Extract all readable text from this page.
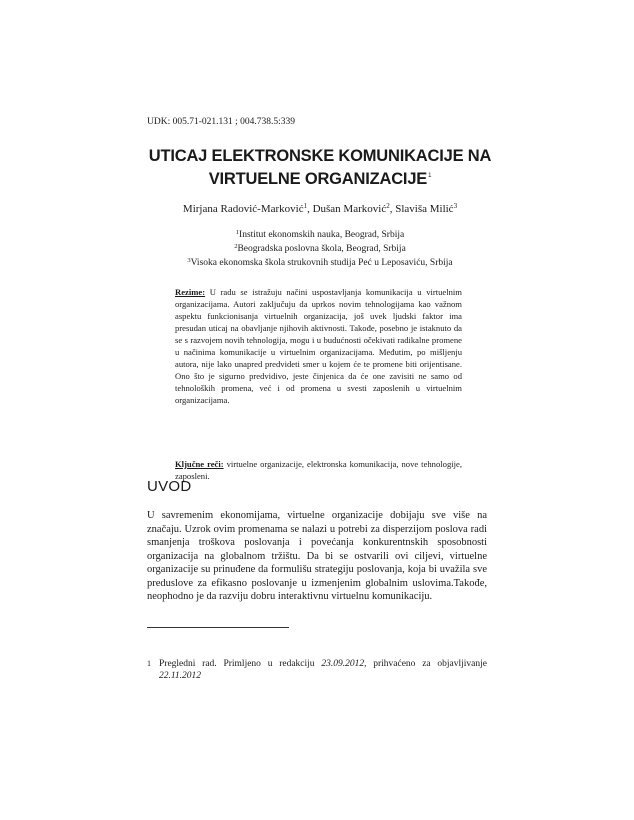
UDK: 005.71-021.131 ; 004.738.5:339
UTICAJ ELEKTRONSKE KOMUNIKACIJE NA
VIRTUELNE ORGANIZACIJE$^1$
Mirjana Radović-Marković$^1$, Dušan Marković$^2$, Slaviša Milić$^3$
$^1$Institut ekonomskih nauka, Beograd, Srbija
$^2$Beogradska poslovna škola, Beograd, Srbija
$^3$Visoka ekonomska škola strukovnih studija Peć u Leposaviću, Srbija
Rezime: U radu se istražuju načini uspostavljanja komunikacija u virtuelnim organizacijama. Autori zaključuju da uprkos novim tehnologijama kao važnom aspektu funkcionisanja virtuelnih organizacija, još uvek ljudski faktor ima presudan uticaj na obavljanje njihovih aktivnosti. Takođe, posebno je istaknuto da se s razvojem novih tehnologija, mogu i u budućnosti očekivati radikalne promene u načinima komunikacije u virtuelnim organizacijama. Međutim, po mišljenju autora, nije lako unapred predvideti smer u kojem će te promene biti orijentisane. Ono što je sigurno predvidivo, jeste činjenica da će one zavisiti ne samo od tehnoloških promena, već i od promena u svesti zaposlenih u virtuelnim organizacijama.
Ključne reči: virtuelne organizacije, elektronska komunikacija, nove tehnologije, zaposleni.
UVOD
U savremenim ekonomijama, virtuelne organizacije dobijaju sve više na značaju. Uzrok ovim promenama se nalazi u potrebi za disperzijom poslova radi smanjenja troškova poslovanja i povećanja konkurentnskih sposobnosti organizacija na globalnom tržištu. Da bi se ostvarili ovi ciljevi, virtuelne organizacije su prinuđene da formulišu strategiju poslovanja, koja bi uvažila sve preduslove za efikasno poslovanje u izmenjenim globalnim uslovima.Takođe, neophodno je da razviju dobru interaktivnu virtuelnu komunikaciju.
1 Pregledni rad. Primljeno u redakciju 23.09.2012, prihvaćeno za objavljivanje 22.11.2012
